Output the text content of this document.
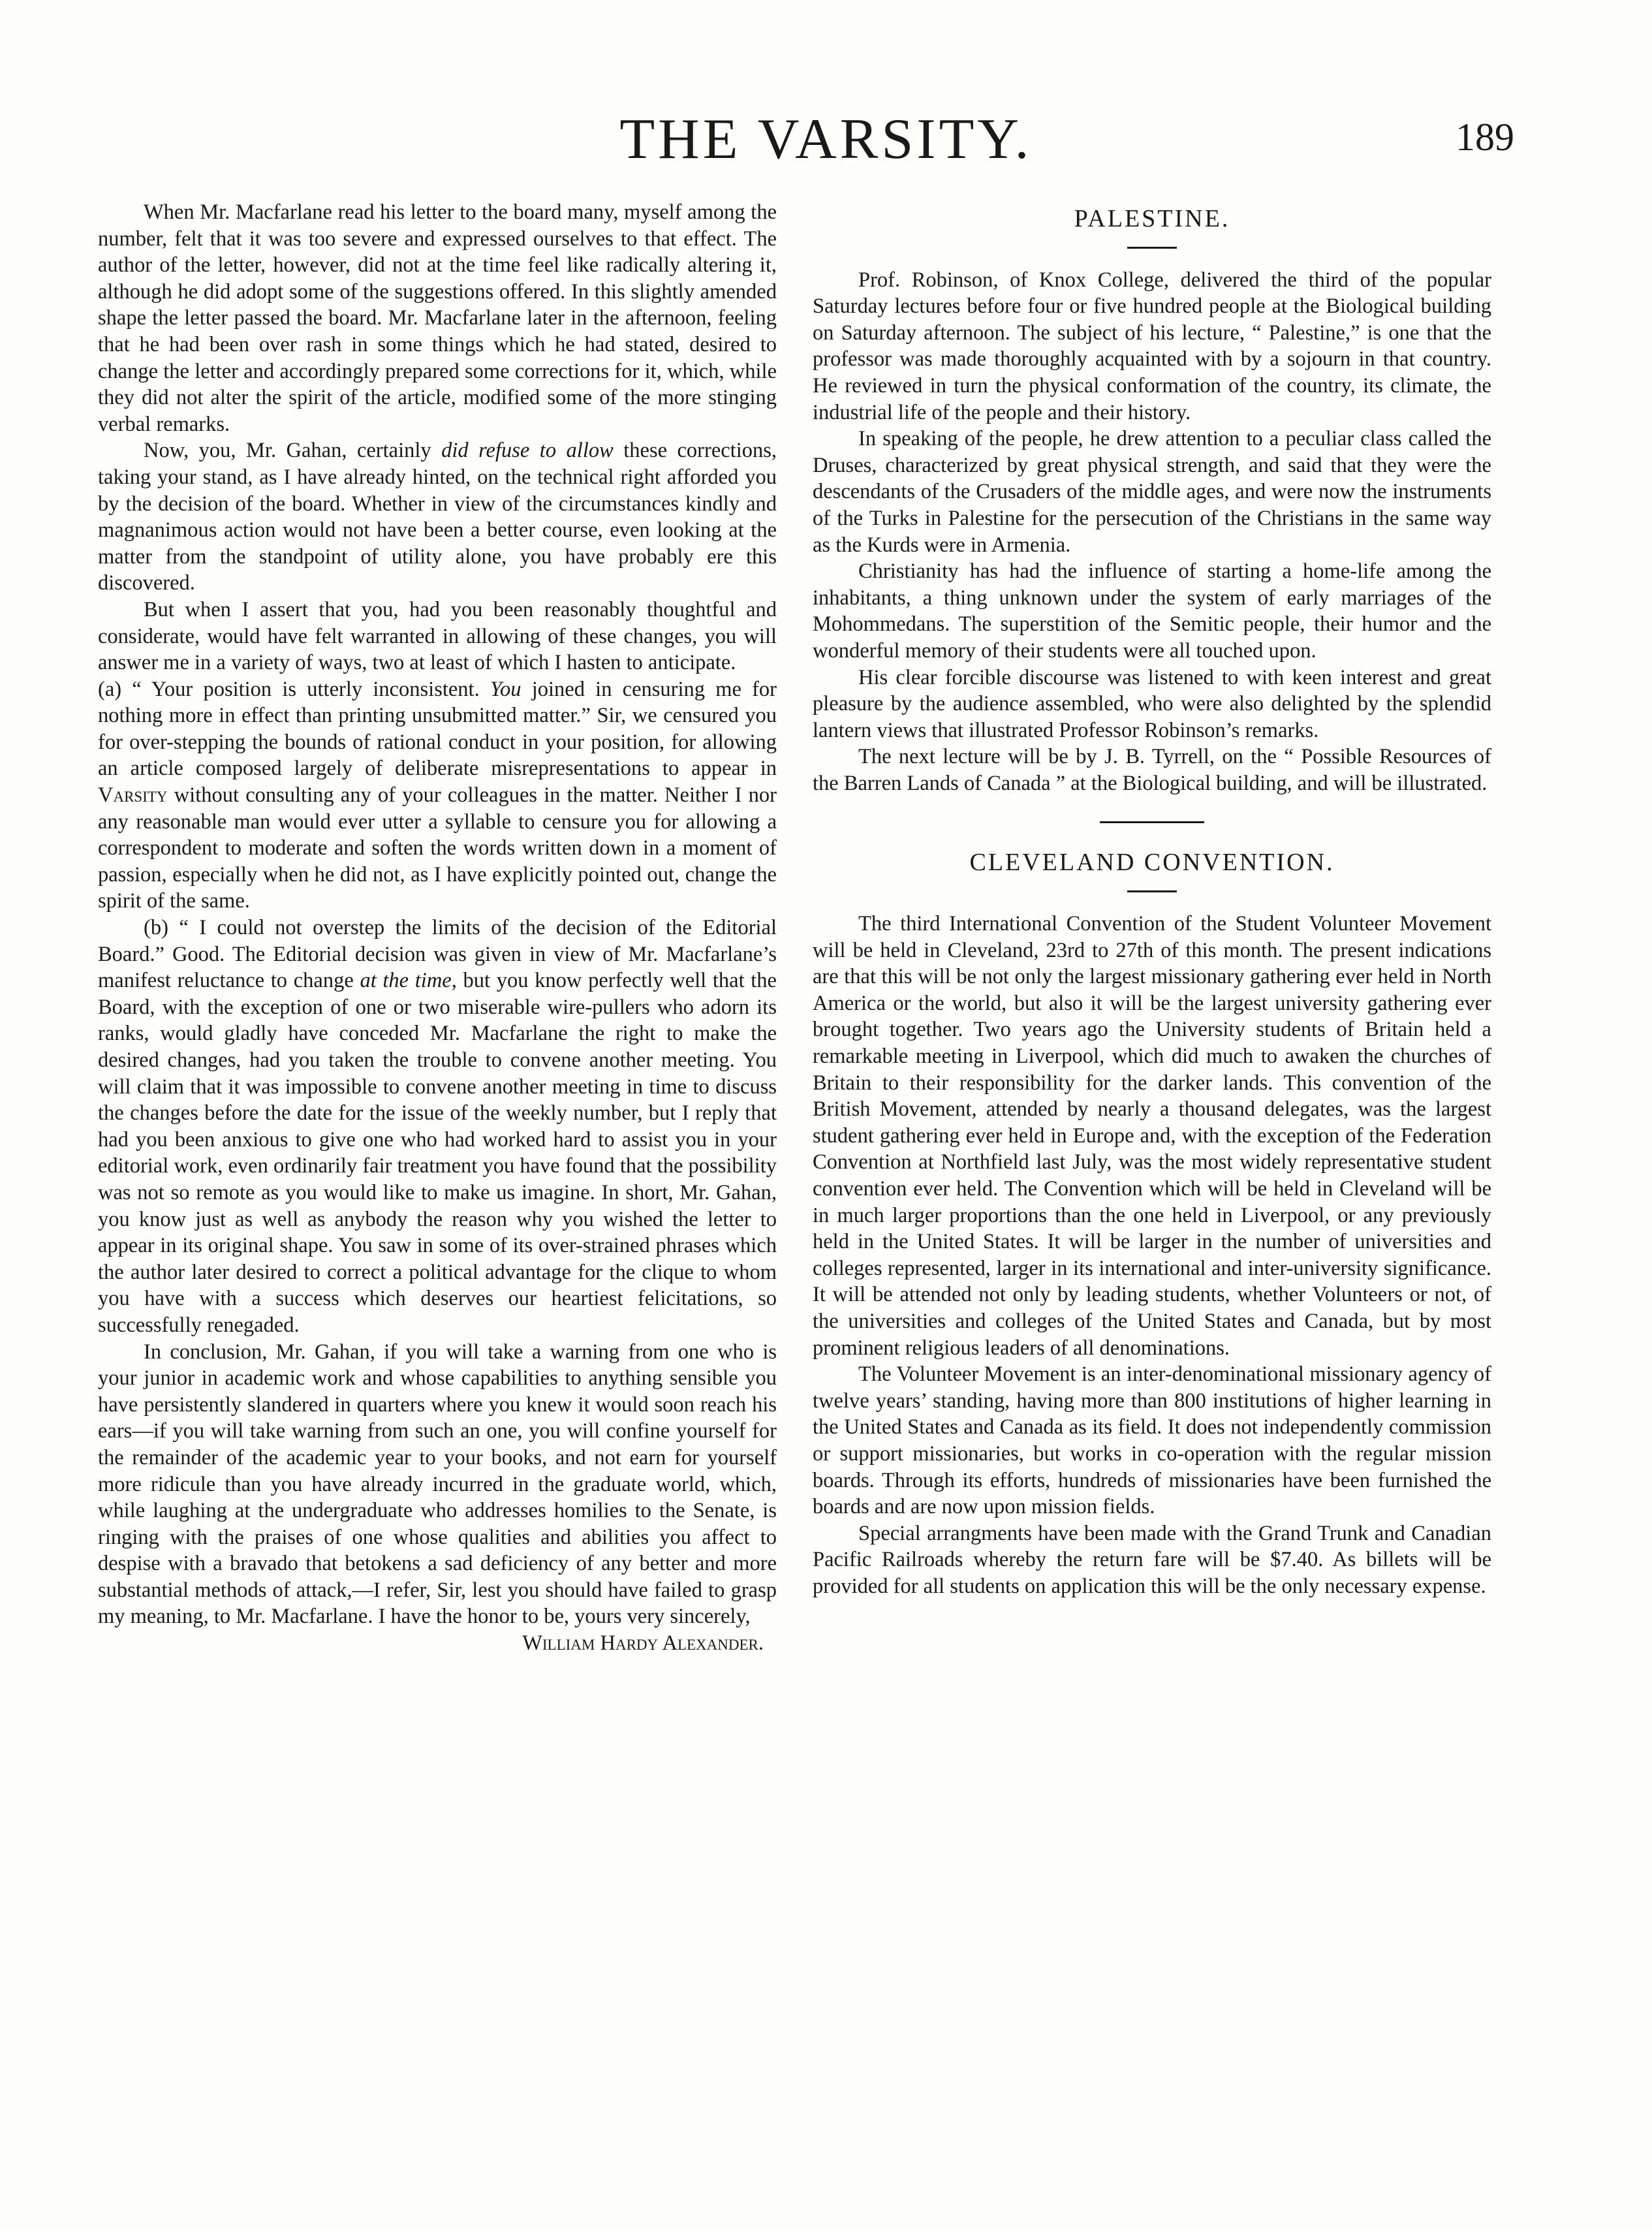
THE VARSITY.	189

When Mr. Macfarlane read his letter to the board many, myself among the number, felt that it was too severe and expressed ourselves to that effect. The author of the letter, however, did not at the time feel like radically altering it, although he did adopt some of the suggestions offered. In this slightly amended shape the letter passed the board. Mr. Macfarlane later in the afternoon, feeling that he had been over rash in some things which he had stated, desired to change the letter and accordingly prepared some corrections for it, which, while they did not alter the spirit of the article, modified some of the more stinging verbal remarks.

Now, you, Mr. Gahan, certainly did refuse to allow these corrections, taking your stand, as I have already hinted, on the technical right afforded you by the decision of the board. Whether in view of the circumstances kindly and magnanimous action would not have been a better course, even looking at the matter from the standpoint of utility alone, you have probably ere this discovered.

But when I assert that you, had you been reasonably thoughtful and considerate, would have felt warranted in allowing of these changes, you will answer me in a variety of ways, two at least of which I hasten to anticipate.

(a) “ Your position is utterly inconsistent. You joined in censuring me for nothing more in effect than printing unsubmitted matter.” Sir, we censured you for over-stepping the bounds of rational conduct in your position, for allowing an article composed largely of deliberate misrepresentations to appear in Varsity without consulting any of your colleagues in the matter. Neither I nor any reasonable man would ever utter a syllable to censure you for allowing a correspondent to moderate and soften the words written down in a moment of passion, especially when he did not, as I have explicitly pointed out, change the spirit of the same.

(b) “ I could not overstep the limits of the decision of the Editorial Board.” Good. The Editorial decision was given in view of Mr. Macfarlane’s manifest reluctance to change at the time, but you know perfectly well that the Board, with the exception of one or two miserable wire-pullers who adorn its ranks, would gladly have conceded Mr. Macfarlane the right to make the desired changes, had you taken the trouble to convene another meeting. You will claim that it was impossible to convene another meeting in time to discuss the changes before the date for the issue of the weekly number, but I reply that had you been anxious to give one who had worked hard to assist you in your editorial work, even ordinarily fair treatment you have found that the possibility was not so remote as you would like to make us imagine. In short, Mr. Gahan, you know just as well as anybody the reason why you wished the letter to appear in its original shape. You saw in some of its over-strained phrases which the author later desired to correct a political advantage for the clique to whom you have with a success which deserves our heartiest felicitations, so successfully renegaded.

In conclusion, Mr. Gahan, if you will take a warning from one who is your junior in academic work and whose capabilities to anything sensible you have persistently slandered in quarters where you knew it would soon reach his ears—if you will take warning from such an one, you will confine yourself for the remainder of the academic year to your books, and not earn for yourself more ridicule than you have already incurred in the graduate world, which, while laughing at the undergraduate who addresses homilies to the Senate, is ringing with the praises of one whose qualities and abilities you affect to despise with a bravado that betokens a sad deficiency of any better and more substantial methods of attack,—I refer, Sir, lest you should have failed to grasp my meaning, to Mr. Macfarlane. I have the honor to be, yours very sincerely,

William Hardy Alexander.
PALESTINE.

Prof. Robinson, of Knox College, delivered the third of the popular Saturday lectures before four or five hundred people at the Biological building on Saturday afternoon. The subject of his lecture, “ Palestine,” is one that the professor was made thoroughly acquainted with by a sojourn in that country. He reviewed in turn the physical conformation of the country, its climate, the industrial life of the people and their history.

In speaking of the people, he drew attention to a peculiar class called the Druses, characterized by great physical strength, and said that they were the descendants of the Crusaders of the middle ages, and were now the instruments of the Turks in Palestine for the persecution of the Christians in the same way as the Kurds were in Armenia.

Christianity has had the influence of starting a home-life among the inhabitants, a thing unknown under the system of early marriages of the Mohommedans. The superstition of the Semitic people, their humor and the wonderful memory of their students were all touched upon.

His clear forcible discourse was listened to with keen interest and great pleasure by the audience assembled, who were also delighted by the splendid lantern views that illustrated Professor Robinson’s remarks.

The next lecture will be by J. B. Tyrrell, on the “ Possible Resources of the Barren Lands of Canada ” at the Biological building, and will be illustrated.

CLEVELAND CONVENTION.

The third International Convention of the Student Volunteer Movement will be held in Cleveland, 23rd to 27th of this month. The present indications are that this will be not only the largest missionary gathering ever held in North America or the world, but also it will be the largest university gathering ever brought together. Two years ago the University students of Britain held a remarkable meeting in Liverpool, which did much to awaken the churches of Britain to their responsibility for the darker lands. This convention of the British Movement, attended by nearly a thousand delegates, was the largest student gathering ever held in Europe and, with the exception of the Federation Convention at Northfield last July, was the most widely representative student convention ever held. The Convention which will be held in Cleveland will be in much larger proportions than the one held in Liverpool, or any previously held in the United States. It will be larger in the number of universities and colleges represented, larger in its international and inter-university significance. It will be attended not only by leading students, whether Volunteers or not, of the universities and colleges of the United States and Canada, but by most prominent religious leaders of all denominations.

The Volunteer Movement is an inter-denominational missionary agency of twelve years’ standing, having more than 800 institutions of higher learning in the United States and Canada as its field. It does not independently commission or support missionaries, but works in co-operation with the regular mission boards. Through its efforts, hundreds of missionaries have been furnished the boards and are now upon mission fields.

Special arrangments have been made with the Grand Trunk and Canadian Pacific Railroads whereby the return fare will be $7.40. As billets will be provided for all students on application this will be the only necessary expense.
